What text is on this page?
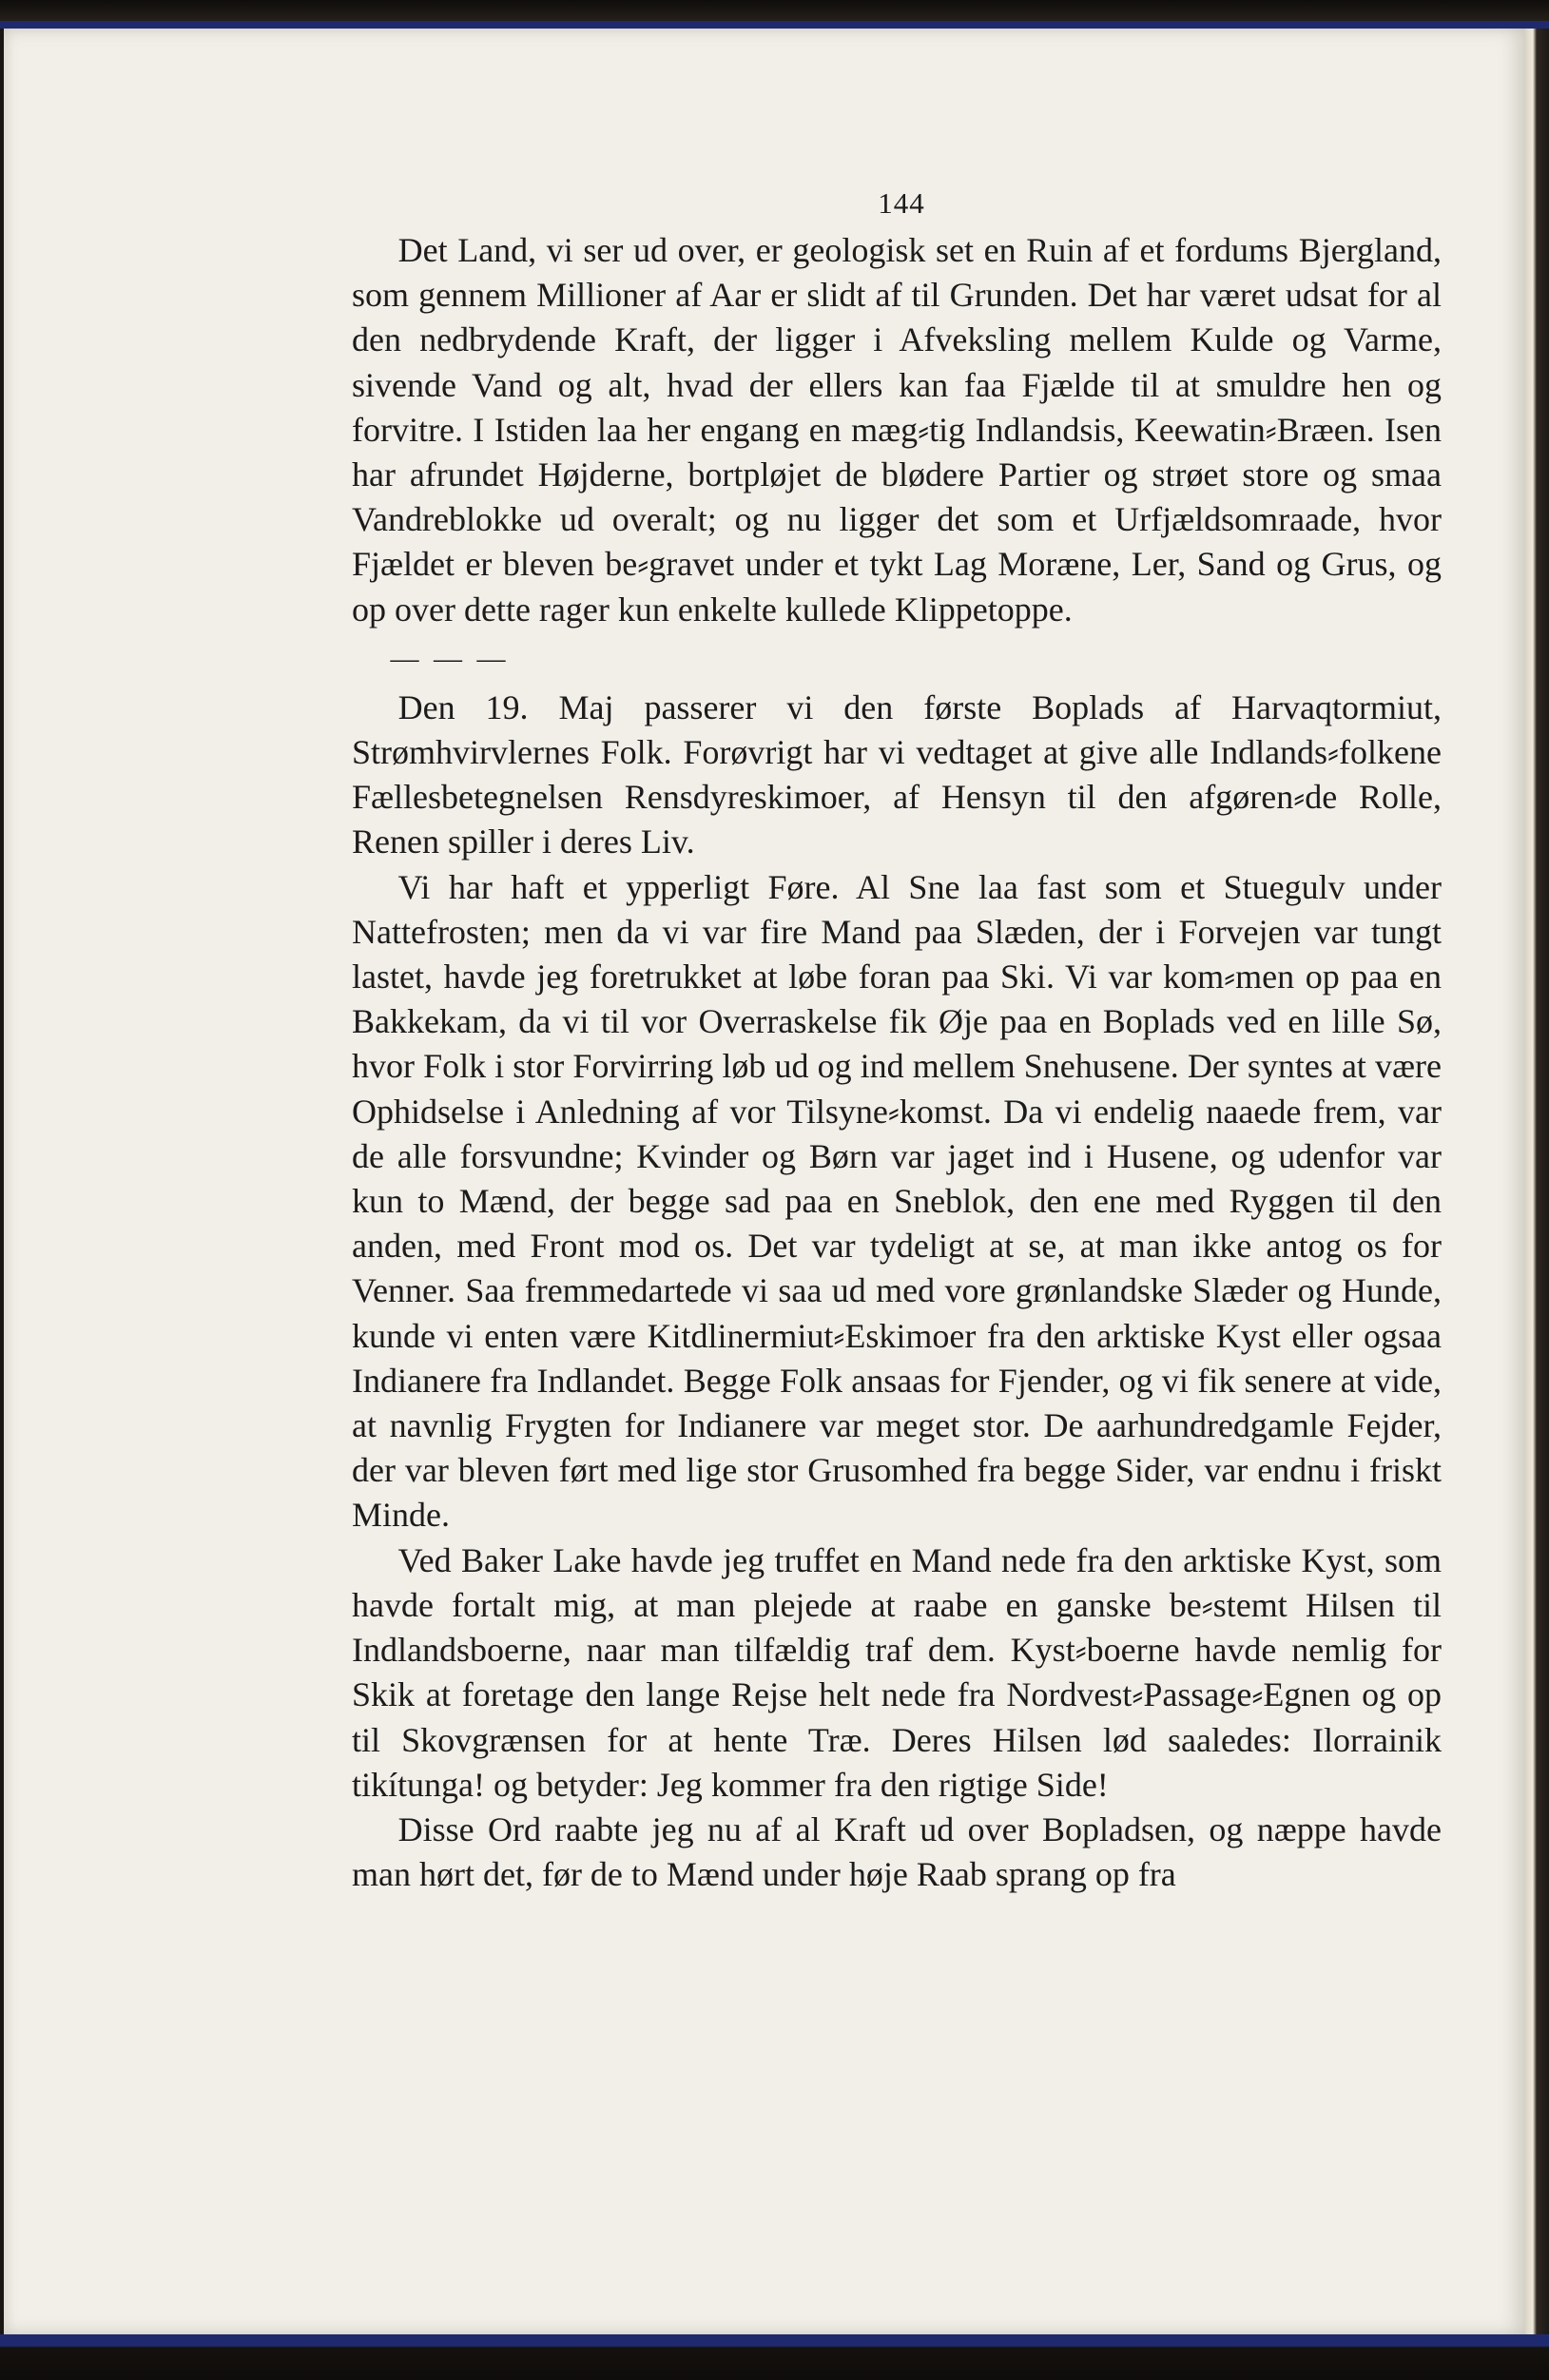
144

Det Land, vi ser ud over, er geologisk set en Ruin af et fordums Bjergland, som gennem Millioner af Aar er slidt af til Grunden. Det har været udsat for al den nedbrydende Kraft, der ligger i Afveksling mellem Kulde og Varme, sivende Vand og alt, hvad der ellers kan faa Fjælde til at smuldre hen og forvitre. I Istiden laa her engang en mæg⸗tig Indlandsis, Keewatin⸗Bræen. Isen har afrundet Højderne, bortpløjet de blødere Partier og strøet store og smaa Vandreblokke ud overalt; og nu ligger det som et Urfjældsomraade, hvor Fjældet er bleven be⸗gravet under et tykt Lag Moræne, Ler, Sand og Grus, og op over dette rager kun enkelte kullede Klippetoppe.

— — —

Den 19. Maj passerer vi den første Boplads af Harvaqtormiut, Strømhvirvlernes Folk. Forøvrigt har vi vedtaget at give alle Indlands⸗folkene Fællesbetegnelsen Rensdyreskimoer, af Hensyn til den afgøren⸗de Rolle, Renen spiller i deres Liv.

Vi har haft et ypperligt Føre. Al Sne laa fast som et Stuegulv under Nattefrosten; men da vi var fire Mand paa Slæden, der i Forvejen var tungt lastet, havde jeg foretrukket at løbe foran paa Ski. Vi var kom⸗men op paa en Bakkekam, da vi til vor Overraskelse fik Øje paa en Boplads ved en lille Sø, hvor Folk i stor Forvirring løb ud og ind mellem Snehusene. Der syntes at være Ophidselse i Anledning af vor Tilsyne⸗komst. Da vi endelig naaede frem, var de alle forsvundne; Kvinder og Børn var jaget ind i Husene, og udenfor var kun to Mænd, der begge sad paa en Sneblok, den ene med Ryggen til den anden, med Front mod os. Det var tydeligt at se, at man ikke antog os for Venner. Saa fremmedartede vi saa ud med vore grønlandske Slæder og Hunde, kunde vi enten være Kitdlinermiut⸗Eskimoer fra den arktiske Kyst eller ogsaa Indianere fra Indlandet. Begge Folk ansaas for Fjender, og vi fik senere at vide, at navnlig Frygten for Indianere var meget stor. De aarhundredgamle Fejder, der var bleven ført med lige stor Grusomhed fra begge Sider, var endnu i friskt Minde.

Ved Baker Lake havde jeg truffet en Mand nede fra den arktiske Kyst, som havde fortalt mig, at man plejede at raabe en ganske be⸗stemt Hilsen til Indlandsboerne, naar man tilfældig traf dem. Kyst⸗boerne havde nemlig for Skik at foretage den lange Rejse helt nede fra Nordvest⸗Passage⸗Egnen og op til Skovgrænsen for at hente Træ. Deres Hilsen lød saaledes: Ilorrainik tikítunga! og betyder: Jeg kommer fra den rigtige Side!

Disse Ord raabte jeg nu af al Kraft ud over Bopladsen, og næppe havde man hørt det, før de to Mænd under høje Raab sprang op fra
